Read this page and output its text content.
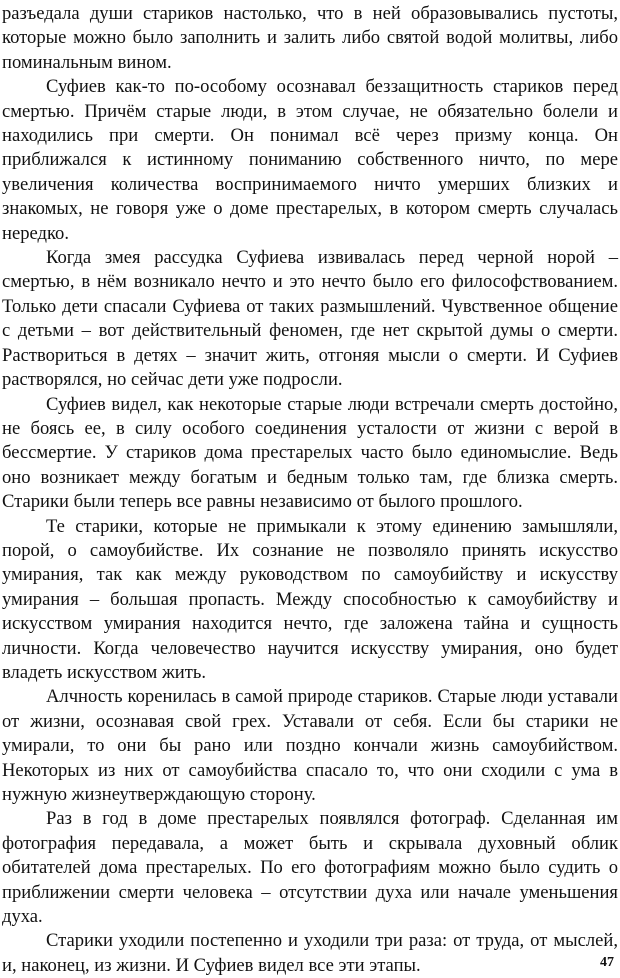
разъедала души стариков настолько, что в ней образовывались пустоты, которые можно было заполнить и залить либо святой водой молитвы, либо поминальным вином.

Суфиев как-то по-особому осознавал беззащитность стариков перед смертью. Причём старые люди, в этом случае, не обязательно болели и находились при смерти. Он понимал всё через призму конца. Он приближался к истинному пониманию собственного ничто, по мере увеличения количества воспринимаемого ничто умерших близких и знакомых, не говоря уже о доме престарелых, в котором смерть случалась нередко.

Когда змея рассудка Суфиева извивалась перед черной норой – смертью, в нём возникало нечто и это нечто было его философствованием. Только дети спасали Суфиева от таких размышлений. Чувственное общение с детьми – вот действительный феномен, где нет скрытой думы о смерти. Раствориться в детях – значит жить, отгоняя мысли о смерти. И Суфиев растворялся, но сейчас дети уже подросли.

Суфиев видел, как некоторые старые люди встречали смерть достойно, не боясь ее, в силу особого соединения усталости от жизни с верой в бессмертие. У стариков дома престарелых часто было единомыслие. Ведь оно возникает между богатым и бедным только там, где близка смерть. Старики были теперь все равны независимо от былого прошлого.

Те старики, которые не примыкали к этому единению замышляли, порой, о самоубийстве. Их сознание не позволяло принять искусство умирания, так как между руководством по самоубийству и искусству умирания – большая пропасть. Между способностью к самоубийству и искусством умирания находится нечто, где заложена тайна и сущность личности. Когда человечество научится искусству умирания, оно будет владеть искусством жить.

Алчность коренилась в самой природе стариков. Старые люди уставали от жизни, осознавая свой грех. Уставали от себя. Если бы старики не умирали, то они бы рано или поздно кончали жизнь самоубийством. Некоторых из них от самоубийства спасало то, что они сходили с ума в нужную жизнеутверждающую сторону.

Раз в год в доме престарелых появлялся фотограф. Сделанная им фотография передавала, а может быть и скрывала духовный облик обитателей дома престарелых. По его фотографиям можно было судить о приближении смерти человека – отсутствии духа или начале уменьшения духа.

Старики уходили постепенно и уходили три раза: от труда, от мыслей, и, наконец, из жизни. И Суфиев видел все эти этапы.	47
